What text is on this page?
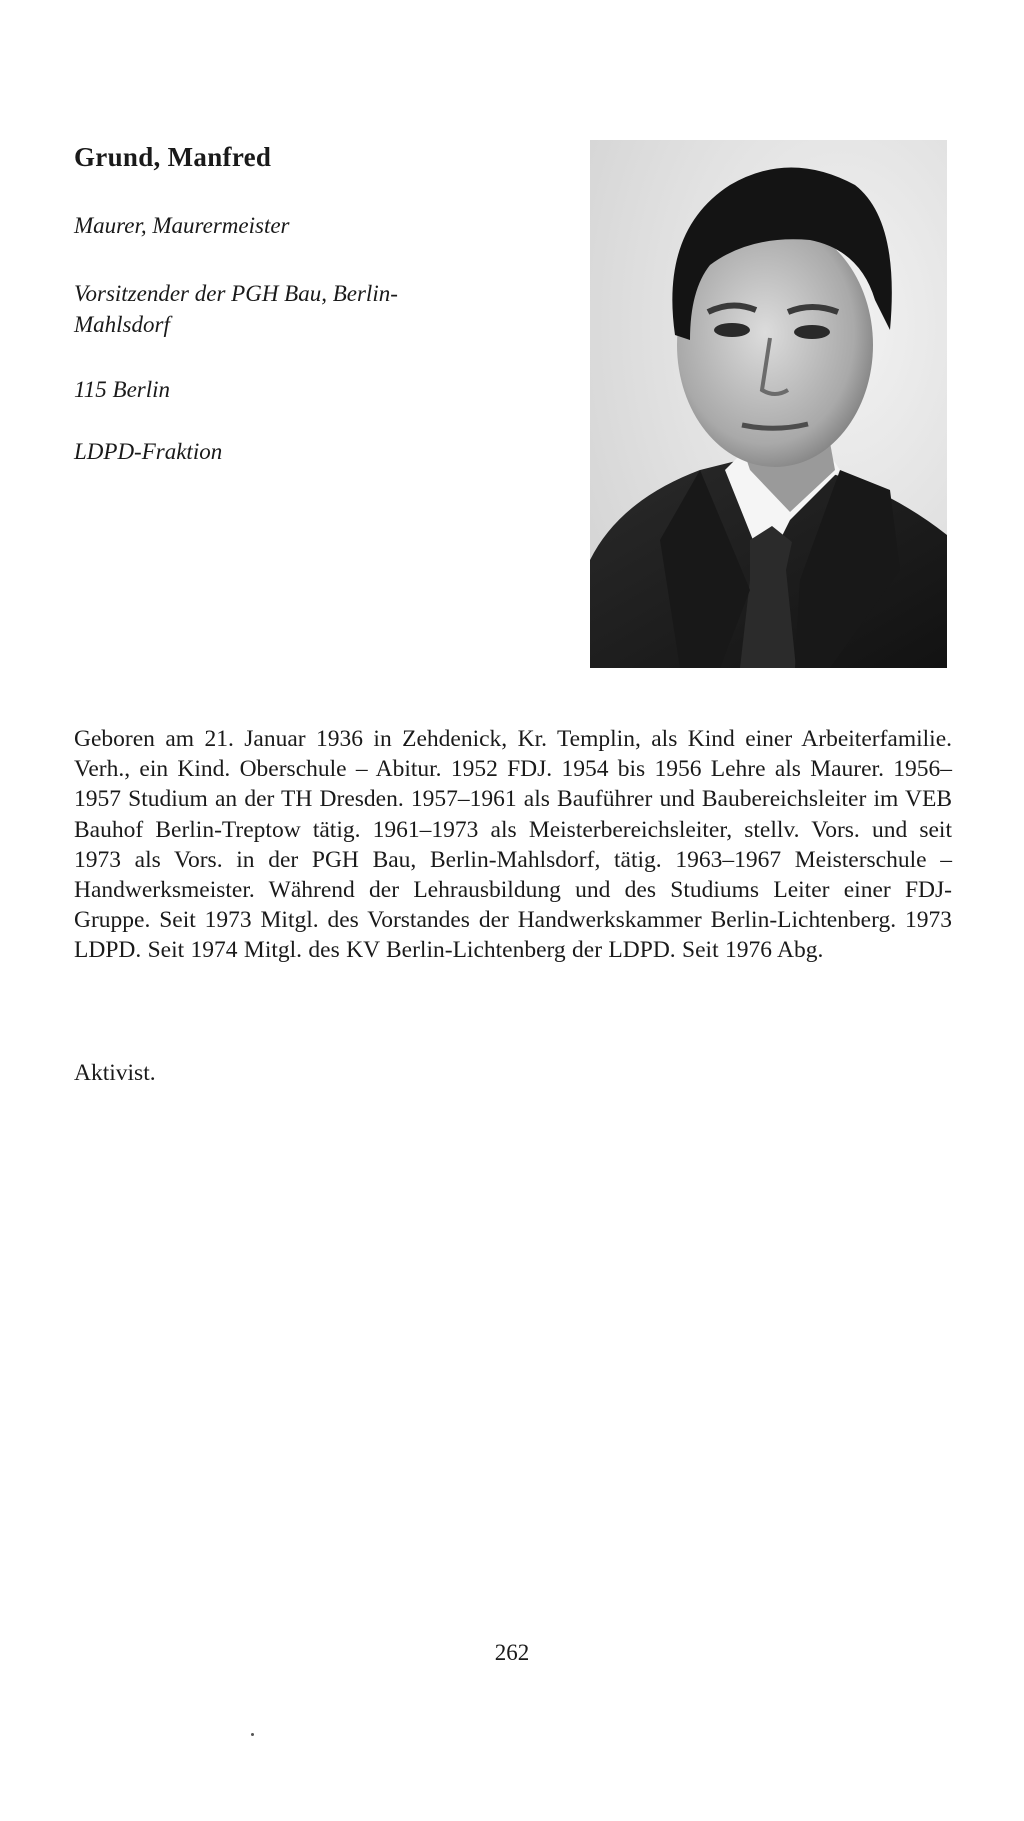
Grund, Manfred
Maurer, Maurermeister
Vorsitzender der PGH Bau, Berlin-Mahlsdorf
115 Berlin
LDPD-Fraktion
Geboren am 21. Januar 1936 in Zehdenick, Kr. Templin, als Kind einer Arbeiterfamilie. Verh., ein Kind. Oberschule – Abitur. 1952 FDJ. 1954 bis 1956 Lehre als Maurer. 1956–1957 Studium an der TH Dresden. 1957–1961 als Bauführer und Baubereichsleiter im VEB Bauhof Berlin-Treptow tätig. 1961–1973 als Meisterbereichsleiter, stellv. Vors. und seit 1973 als Vors. in der PGH Bau, Berlin-Mahlsdorf, tätig. 1963–1967 Meisterschule – Handwerksmeister. Während der Lehrausbildung und des Studiums Leiter einer FDJ-Gruppe. Seit 1973 Mitgl. des Vorstandes der Handwerkskammer Berlin-Lichtenberg. 1973 LDPD. Seit 1974 Mitgl. des KV Berlin-Lichtenberg der LDPD. Seit 1976 Abg.
Aktivist.
262
